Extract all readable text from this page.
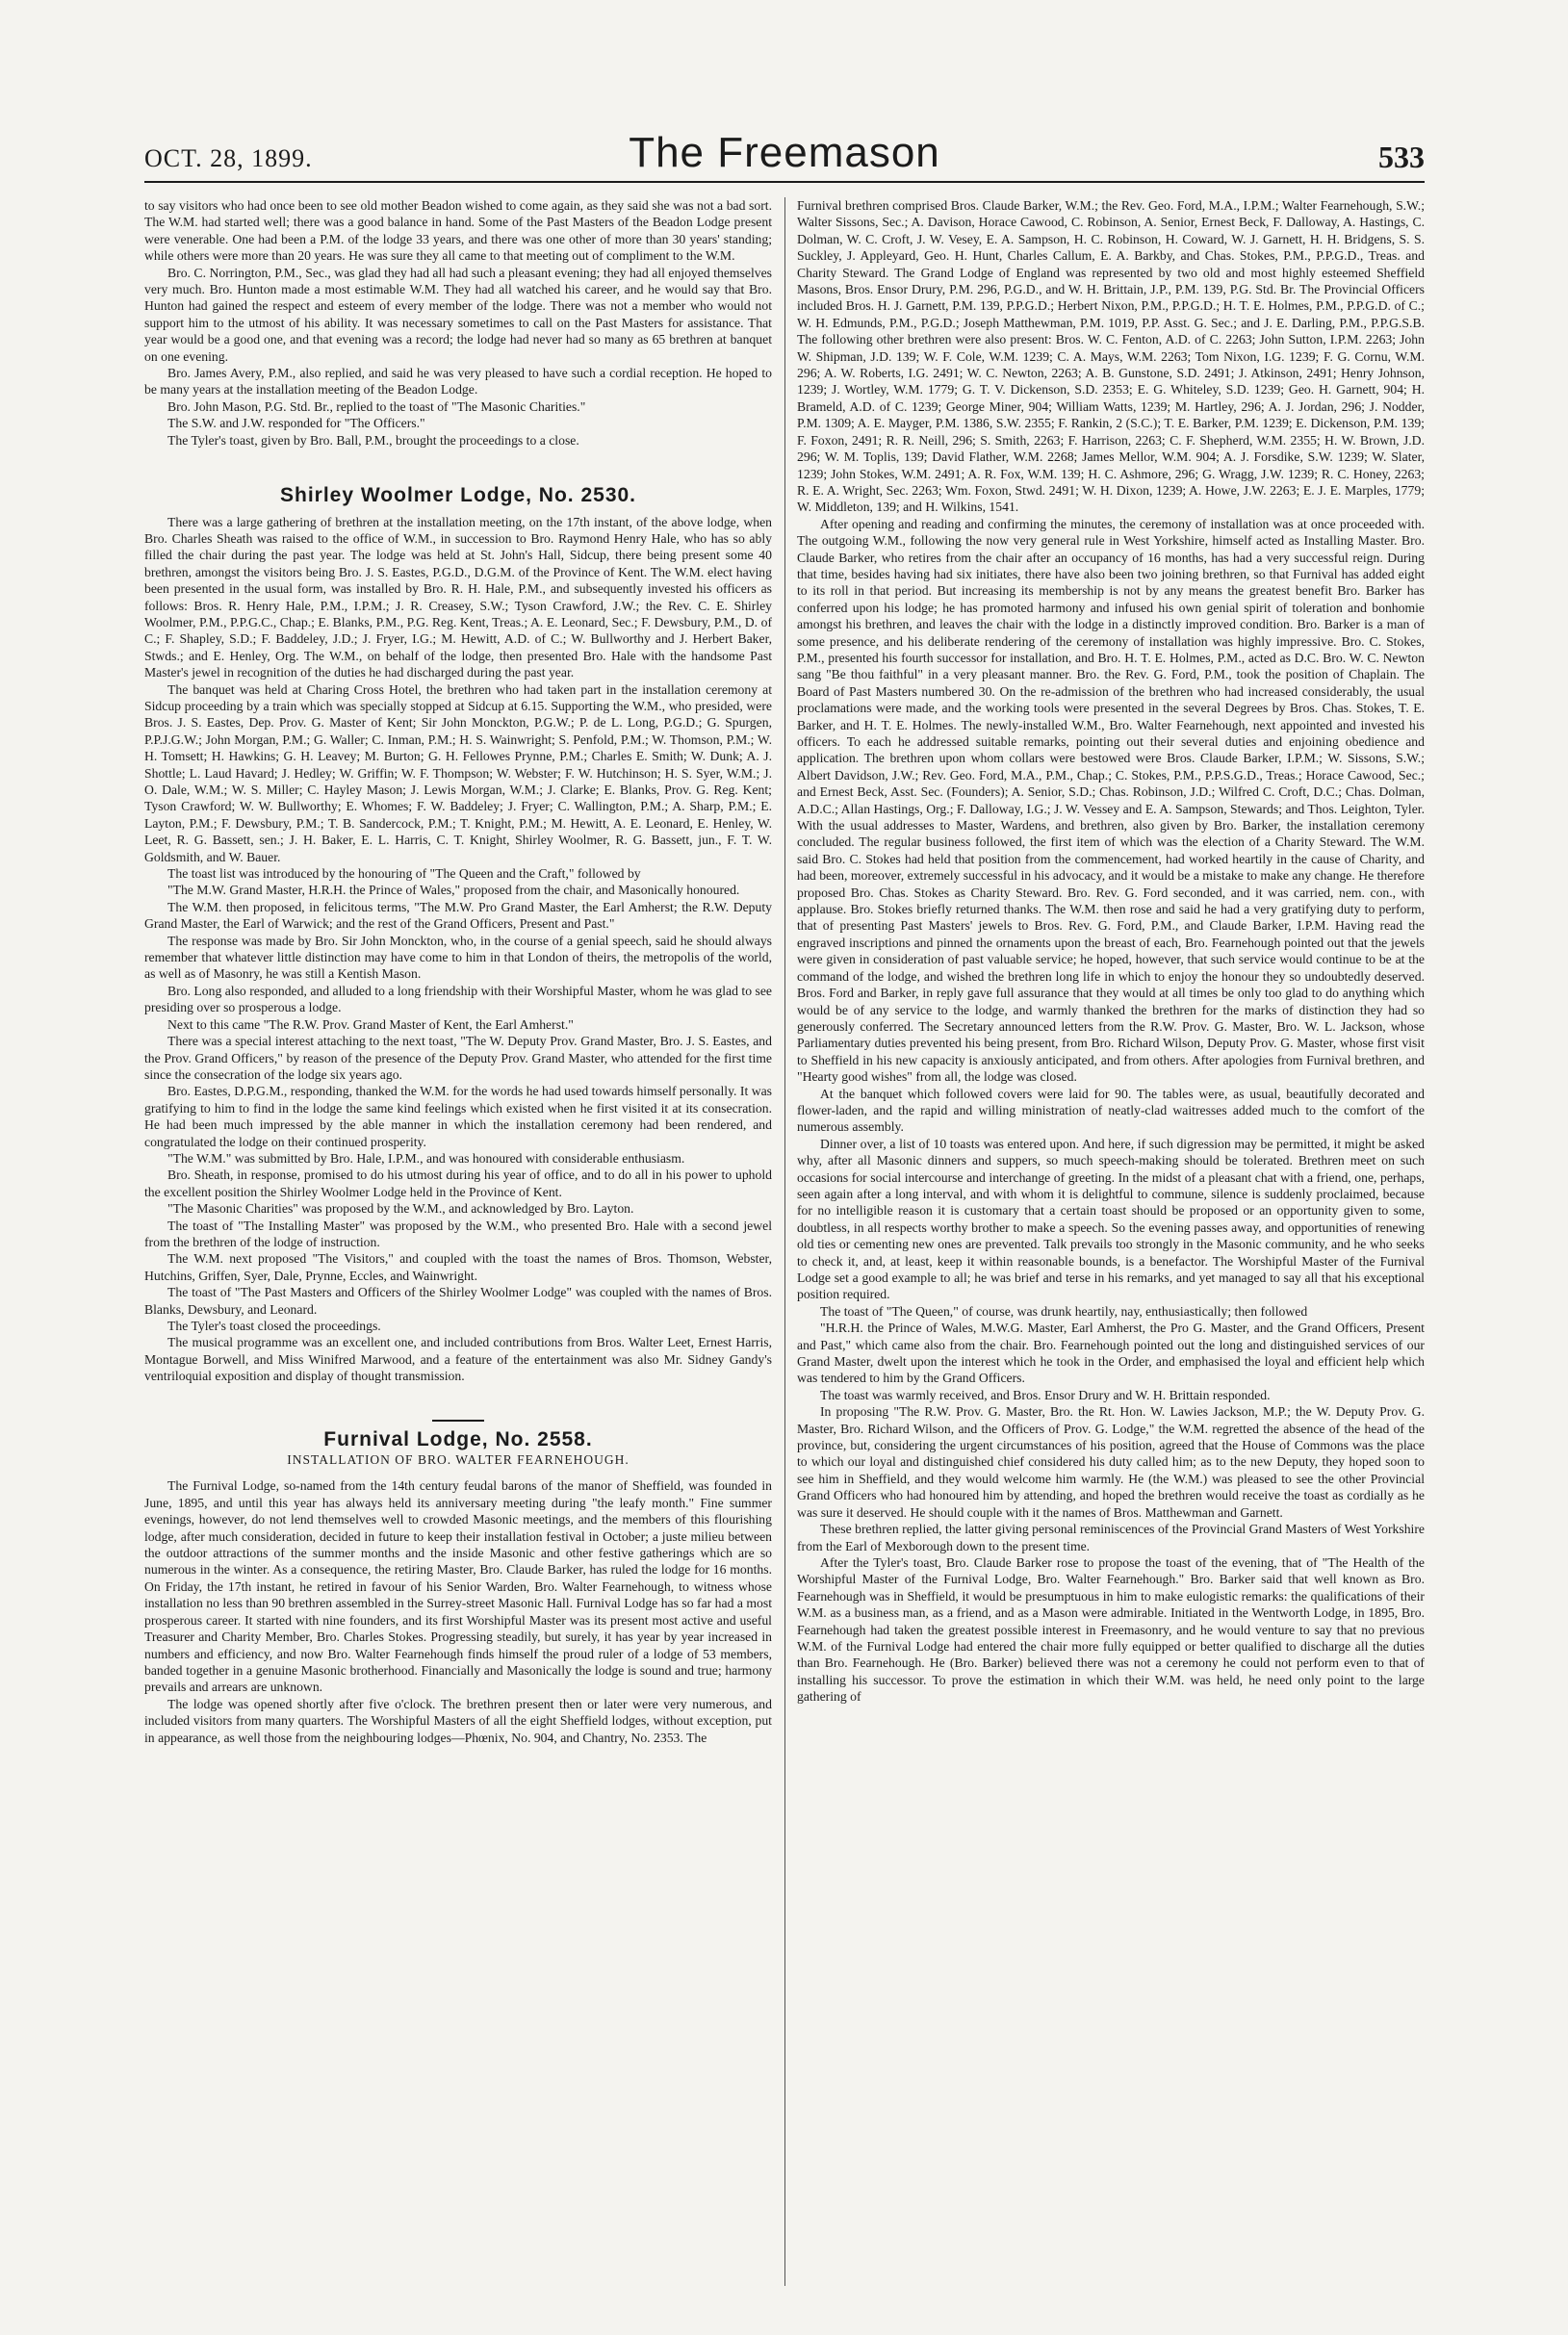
OCT. 28, 1899.	The Freemason	533

to say visitors who had once been to see old mother Beadon wished to come again, as they said she was not a bad sort. The W.M. had started well; there was a good balance in hand. Some of the Past Masters of the Beadon Lodge present were venerable. One had been a P.M. of the lodge 33 years, and there was one other of more than 30 years' standing; while others were more than 20 years. He was sure they all came to that meeting out of compliment to the W.M.

Bro. C. Norrington, P.M., Sec., was glad they had all had such a pleasant evening; they had all enjoyed themselves very much. Bro. Hunton made a most estimable W.M. They had all watched his career, and he would say that Bro. Hunton had gained the respect and esteem of every member of the lodge. There was not a member who would not support him to the utmost of his ability. It was necessary sometimes to call on the Past Masters for assistance. That year would be a good one, and that evening was a record; the lodge had never had so many as 65 brethren at banquet on one evening.

Bro. James Avery, P.M., also replied, and said he was very pleased to have such a cordial reception. He hoped to be many years at the installation meeting of the Beadon Lodge.

Bro. John Mason, P.G. Std. Br., replied to the toast of "The Masonic Charities."

The S.W. and J.W. responded for "The Officers."

The Tyler's toast, given by Bro. Ball, P.M., brought the proceedings to a close.

Shirley Woolmer Lodge, No. 2530.

There was a large gathering of brethren at the installation meeting, on the 17th instant, of the above lodge, when Bro. Charles Sheath was raised to the office of W.M., in succession to Bro. Raymond Henry Hale, who has so ably filled the chair during the past year. The lodge was held at St. John's Hall, Sidcup, there being present some 40 brethren, amongst the visitors being Bro. J. S. Eastes, P.G.D., D.G.M. of the Province of Kent. The W.M. elect having been presented in the usual form, was installed by Bro. R. H. Hale, P.M., and subsequently invested his officers as follows: Bros. R. Henry Hale, P.M., I.P.M.; J. R. Creasey, S.W.; Tyson Crawford, J.W.; the Rev. C. E. Shirley Woolmer, P.M., P.P.G.C., Chap.; E. Blanks, P.M., P.G. Reg. Kent, Treas.; A. E. Leonard, Sec.; F. Dewsbury, P.M., D. of C.; F. Shapley, S.D.; F. Baddeley, J.D.; J. Fryer, I.G.; M. Hewitt, A.D. of C.; W. Bullworthy and J. Herbert Baker, Stwds.; and E. Henley, Org. The W.M., on behalf of the lodge, then presented Bro. Hale with the handsome Past Master's jewel in recognition of the duties he had discharged during the past year.

The banquet was held at Charing Cross Hotel, the brethren who had taken part in the installation ceremony at Sidcup proceeding by a train which was specially stopped at Sidcup at 6.15. Supporting the W.M., who presided, were Bros. J. S. Eastes, Dep. Prov. G. Master of Kent; Sir John Monckton, P.G.W.; P. de L. Long, P.G.D.; G. Spurgen, P.P.J.G.W.; John Morgan, P.M.; G. Waller; C. Inman, P.M.; H. S. Wainwright; S. Penfold, P.M.; W. Thomson, P.M.; W. H. Tomsett; H. Hawkins; G. H. Leavey; M. Burton; G. H. Fellowes Prynne, P.M.; Charles E. Smith; W. Dunk; A. J. Shottle; L. Laud Havard; J. Hedley; W. Griffin; W. F. Thompson; W. Webster; F. W. Hutchinson; H. S. Syer, W.M.; J. O. Dale, W.M.; W. S. Miller; C. Hayley Mason; J. Lewis Morgan, W.M.; J. Clarke; E. Blanks, Prov. G. Reg. Kent; Tyson Crawford; W. W. Bullworthy; E. Whomes; F. W. Baddeley; J. Fryer; C. Wallington, P.M.; A. Sharp, P.M.; E. Layton, P.M.; F. Dewsbury, P.M.; T. B. Sandercock, P.M.; T. Knight, P.M.; M. Hewitt, A. E. Leonard, E. Henley, W. Leet, R. G. Bassett, sen.; J. H. Baker, E. L. Harris, C. T. Knight, Shirley Woolmer, R. G. Bassett, jun., F. T. W. Goldsmith, and W. Bauer.

The toast list was introduced by the honouring of "The Queen and the Craft," followed by

"The M.W. Grand Master, H.R.H. the Prince of Wales," proposed from the chair, and Masonically honoured.

The W.M. then proposed, in felicitous terms, "The M.W. Pro Grand Master, the Earl Amherst; the R.W. Deputy Grand Master, the Earl of Warwick; and the rest of the Grand Officers, Present and Past."

The response was made by Bro. Sir John Monckton, who, in the course of a genial speech, said he should always remember that whatever little distinction may have come to him in that London of theirs, the metropolis of the world, as well as of Masonry, he was still a Kentish Mason.

Bro. Long also responded, and alluded to a long friendship with their Worshipful Master, whom he was glad to see presiding over so prosperous a lodge.

Next to this came "The R.W. Prov. Grand Master of Kent, the Earl Amherst."

There was a special interest attaching to the next toast, "The W. Deputy Prov. Grand Master, Bro. J. S. Eastes, and the Prov. Grand Officers," by reason of the presence of the Deputy Prov. Grand Master, who attended for the first time since the consecration of the lodge six years ago.

Bro. Eastes, D.P.G.M., responding, thanked the W.M. for the words he had used towards himself personally. It was gratifying to him to find in the lodge the same kind feelings which existed when he first visited it at its consecration. He had been much impressed by the able manner in which the installation ceremony had been rendered, and congratulated the lodge on their continued prosperity.

"The W.M." was submitted by Bro. Hale, I.P.M., and was honoured with considerable enthusiasm.

Bro. Sheath, in response, promised to do his utmost during his year of office, and to do all in his power to uphold the excellent position the Shirley Woolmer Lodge held in the Province of Kent.

"The Masonic Charities" was proposed by the W.M., and acknowledged by Bro. Layton.

The toast of "The Installing Master" was proposed by the W.M., who presented Bro. Hale with a second jewel from the brethren of the lodge of instruction.

The W.M. next proposed "The Visitors," and coupled with the toast the names of Bros. Thomson, Webster, Hutchins, Griffen, Syer, Dale, Prynne, Eccles, and Wainwright.

The toast of "The Past Masters and Officers of the Shirley Woolmer Lodge" was coupled with the names of Bros. Blanks, Dewsbury, and Leonard.

The Tyler's toast closed the proceedings.

The musical programme was an excellent one, and included contributions from Bros. Walter Leet, Ernest Harris, Montague Borwell, and Miss Winifred Marwood, and a feature of the entertainment was also Mr. Sidney Gandy's ventriloquial exposition and display of thought transmission.

Furnival Lodge, No. 2558.
INSTALLATION OF BRO. WALTER FEARNEHOUGH.

The Furnival Lodge, so-named from the 14th century feudal barons of the manor of Sheffield, was founded in June, 1895, and until this year has always held its anniversary meeting during "the leafy month." Fine summer evenings, however, do not lend themselves well to crowded Masonic meetings, and the members of this flourishing lodge, after much consideration, decided in future to keep their installation festival in October; a juste milieu between the outdoor attractions of the summer months and the inside Masonic and other festive gatherings which are so numerous in the winter. As a consequence, the retiring Master, Bro. Claude Barker, has ruled the lodge for 16 months. On Friday, the 17th instant, he retired in favour of his Senior Warden, Bro. Walter Fearnehough, to witness whose installation no less than 90 brethren assembled in the Surrey-street Masonic Hall. Furnival Lodge has so far had a most prosperous career. It started with nine founders, and its first Worshipful Master was its present most active and useful Treasurer and Charity Member, Bro. Charles Stokes. Progressing steadily, but surely, it has year by year increased in numbers and efficiency, and now Bro. Walter Fearnehough finds himself the proud ruler of a lodge of 53 members, banded together in a genuine Masonic brotherhood. Financially and Masonically the lodge is sound and true; harmony prevails and arrears are unknown.

The lodge was opened shortly after five o'clock. The brethren present then or later were very numerous, and included visitors from many quarters. The Worshipful Masters of all the eight Sheffield lodges, without exception, put in appearance, as well those from the neighbouring lodges—Phœnix, No. 904, and Chantry, No. 2353. The

Furnival brethren comprised Bros. Claude Barker, W.M.; the Rev. Geo. Ford, M.A., I.P.M.; Walter Fearnehough, S.W.; Walter Sissons, Sec.; A. Davison, Horace Cawood, C. Robinson, A. Senior, Ernest Beck, F. Dalloway, A. Hastings, C. Dolman, W. C. Croft, J. W. Vesey, E. A. Sampson, H. C. Robinson, H. Coward, W. J. Garnett, H. H. Bridgens, S. S. Suckley, J. Appleyard, Geo. H. Hunt, Charles Callum, E. A. Barkby, and Chas. Stokes, P.M., P.P.G.D., Treas. and Charity Steward. The Grand Lodge of England was represented by two old and most highly esteemed Sheffield Masons, Bros. Ensor Drury, P.M. 296, P.G.D., and W. H. Brittain, J.P., P.M. 139, P.G. Std. Br. The Provincial Officers included Bros. H. J. Garnett, P.M. 139, P.P.G.D.; Herbert Nixon, P.M., P.P.G.D.; H. T. E. Holmes, P.M., P.P.G.D. of C.; W. H. Edmunds, P.M., P.G.D.; Joseph Matthewman, P.M. 1019, P.P. Asst. G. Sec.; and J. E. Darling, P.M., P.P.G.S.B. The following other brethren were also present: Bros. W. C. Fenton, A.D. of C. 2263; John Sutton, I.P.M. 2263; John W. Shipman, J.D. 139; W. F. Cole, W.M. 1239; C. A. Mays, W.M. 2263; Tom Nixon, I.G. 1239; F. G. Cornu, W.M. 296; A. W. Roberts, I.G. 2491; W. C. Newton, 2263; A. B. Gunstone, S.D. 2491; J. Atkinson, 2491; Henry Johnson, 1239; J. Wortley, W.M. 1779; G. T. V. Dickenson, S.D. 2353; E. G. Whiteley, S.D. 1239; Geo. H. Garnett, 904; H. Brameld, A.D. of C. 1239; George Miner, 904; William Watts, 1239; M. Hartley, 296; A. J. Jordan, 296; J. Nodder, P.M. 1309; A. E. Mayger, P.M. 1386, S.W. 2355; F. Rankin, 2 (S.C.); T. E. Barker, P.M. 1239; E. Dickenson, P.M. 139; F. Foxon, 2491; R. R. Neill, 296; S. Smith, 2263; F. Harrison, 2263; C. F. Shepherd, W.M. 2355; H. W. Brown, J.D. 296; W. M. Toplis, 139; David Flather, W.M. 2268; James Mellor, W.M. 904; A. J. Forsdike, S.W. 1239; W. Slater, 1239; John Stokes, W.M. 2491; A. R. Fox, W.M. 139; H. C. Ashmore, 296; G. Wragg, J.W. 1239; R. C. Honey, 2263; R. E. A. Wright, Sec. 2263; Wm. Foxon, Stwd. 2491; W. H. Dixon, 1239; A. Howe, J.W. 2263; E. J. E. Marples, 1779; W. Middleton, 139; and H. Wilkins, 1541.

After opening and reading and confirming the minutes, the ceremony of installation was at once proceeded with. The outgoing W.M., following the now very general rule in West Yorkshire, himself acted as Installing Master. Bro. Claude Barker, who retires from the chair after an occupancy of 16 months, has had a very successful reign. During that time, besides having had six initiates, there have also been two joining brethren, so that Furnival has added eight to its roll in that period. But increasing its membership is not by any means the greatest benefit Bro. Barker has conferred upon his lodge; he has promoted harmony and infused his own genial spirit of toleration and bonhomie amongst his brethren, and leaves the chair with the lodge in a distinctly improved condition. Bro. Barker is a man of some presence, and his deliberate rendering of the ceremony of installation was highly impressive. Bro. C. Stokes, P.M., presented his fourth successor for installation, and Bro. H. T. E. Holmes, P.M., acted as D.C. Bro. W. C. Newton sang "Be thou faithful" in a very pleasant manner. Bro. the Rev. G. Ford, P.M., took the position of Chaplain. The Board of Past Masters numbered 30. On the re-admission of the brethren who had increased considerably, the usual proclamations were made, and the working tools were presented in the several Degrees by Bros. Chas. Stokes, T. E. Barker, and H. T. E. Holmes. The newly-installed W.M., Bro. Walter Fearnehough, next appointed and invested his officers. To each he addressed suitable remarks, pointing out their several duties and enjoining obedience and application. The brethren upon whom collars were bestowed were Bros. Claude Barker, I.P.M.; W. Sissons, S.W.; Albert Davidson, J.W.; Rev. Geo. Ford, M.A., P.M., Chap.; C. Stokes, P.M., P.P.S.G.D., Treas.; Horace Cawood, Sec.; and Ernest Beck, Asst. Sec. (Founders); A. Senior, S.D.; Chas. Robinson, J.D.; Wilfred C. Croft, D.C.; Chas. Dolman, A.D.C.; Allan Hastings, Org.; F. Dalloway, I.G.; J. W. Vessey and E. A. Sampson, Stewards; and Thos. Leighton, Tyler. With the usual addresses to Master, Wardens, and brethren, also given by Bro. Barker, the installation ceremony concluded. The regular business followed, the first item of which was the election of a Charity Steward. The W.M. said Bro. C. Stokes had held that position from the commencement, had worked heartily in the cause of Charity, and had been, moreover, extremely successful in his advocacy, and it would be a mistake to make any change. He therefore proposed Bro. Chas. Stokes as Charity Steward. Bro. Rev. G. Ford seconded, and it was carried, nem. con., with applause. Bro. Stokes briefly returned thanks. The W.M. then rose and said he had a very gratifying duty to perform, that of presenting Past Masters' jewels to Bros. Rev. G. Ford, P.M., and Claude Barker, I.P.M. Having read the engraved inscriptions and pinned the ornaments upon the breast of each, Bro. Fearnehough pointed out that the jewels were given in consideration of past valuable service; he hoped, however, that such service would continue to be at the command of the lodge, and wished the brethren long life in which to enjoy the honour they so undoubtedly deserved. Bros. Ford and Barker, in reply gave full assurance that they would at all times be only too glad to do anything which would be of any service to the lodge, and warmly thanked the brethren for the marks of distinction they had so generously conferred. The Secretary announced letters from the R.W. Prov. G. Master, Bro. W. L. Jackson, whose Parliamentary duties prevented his being present, from Bro. Richard Wilson, Deputy Prov. G. Master, whose first visit to Sheffield in his new capacity is anxiously anticipated, and from others. After apologies from Furnival brethren, and "Hearty good wishes" from all, the lodge was closed.

At the banquet which followed covers were laid for 90. The tables were, as usual, beautifully decorated and flower-laden, and the rapid and willing ministration of neatly-clad waitresses added much to the comfort of the numerous assembly.

Dinner over, a list of 10 toasts was entered upon. And here, if such digression may be permitted, it might be asked why, after all Masonic dinners and suppers, so much speech-making should be tolerated. Brethren meet on such occasions for social intercourse and interchange of greeting. In the midst of a pleasant chat with a friend, one, perhaps, seen again after a long interval, and with whom it is delightful to commune, silence is suddenly proclaimed, because for no intelligible reason it is customary that a certain toast should be proposed or an opportunity given to some, doubtless, in all respects worthy brother to make a speech. So the evening passes away, and opportunities of renewing old ties or cementing new ones are prevented. Talk prevails too strongly in the Masonic community, and he who seeks to check it, and, at least, keep it within reasonable bounds, is a benefactor. The Worshipful Master of the Furnival Lodge set a good example to all; he was brief and terse in his remarks, and yet managed to say all that his exceptional position required.

The toast of "The Queen," of course, was drunk heartily, nay, enthusiastically; then followed

"H.R.H. the Prince of Wales, M.W.G. Master, Earl Amherst, the Pro G. Master, and the Grand Officers, Present and Past," which came also from the chair. Bro. Fearnehough pointed out the long and distinguished services of our Grand Master, dwelt upon the interest which he took in the Order, and emphasised the loyal and efficient help which was tendered to him by the Grand Officers.

The toast was warmly received, and Bros. Ensor Drury and W. H. Brittain responded.

In proposing "The R.W. Prov. G. Master, Bro. the Rt. Hon. W. Lawies Jackson, M.P.; the W. Deputy Prov. G. Master, Bro. Richard Wilson, and the Officers of Prov. G. Lodge," the W.M. regretted the absence of the head of the province, but, considering the urgent circumstances of his position, agreed that the House of Commons was the place to which our loyal and distinguished chief considered his duty called him; as to the new Deputy, they hoped soon to see him in Sheffield, and they would welcome him warmly. He (the W.M.) was pleased to see the other Provincial Grand Officers who had honoured him by attending, and hoped the brethren would receive the toast as cordially as he was sure it deserved. He should couple with it the names of Bros. Matthewman and Garnett.

These brethren replied, the latter giving personal reminiscences of the Provincial Grand Masters of West Yorkshire from the Earl of Mexborough down to the present time.

After the Tyler's toast, Bro. Claude Barker rose to propose the toast of the evening, that of "The Health of the Worshipful Master of the Furnival Lodge, Bro. Walter Fearnehough." Bro. Barker said that well known as Bro. Fearnehough was in Sheffield, it would be presumptuous in him to make eulogistic remarks: the qualifications of their W.M. as a business man, as a friend, and as a Mason were admirable. Initiated in the Wentworth Lodge, in 1895, Bro. Fearnehough had taken the greatest possible interest in Freemasonry, and he would venture to say that no previous W.M. of the Furnival Lodge had entered the chair more fully equipped or better qualified to discharge all the duties than Bro. Fearnehough. He (Bro. Barker) believed there was not a ceremony he could not perform even to that of installing his successor. To prove the estimation in which their W.M. was held, he need only point to the large gathering of
